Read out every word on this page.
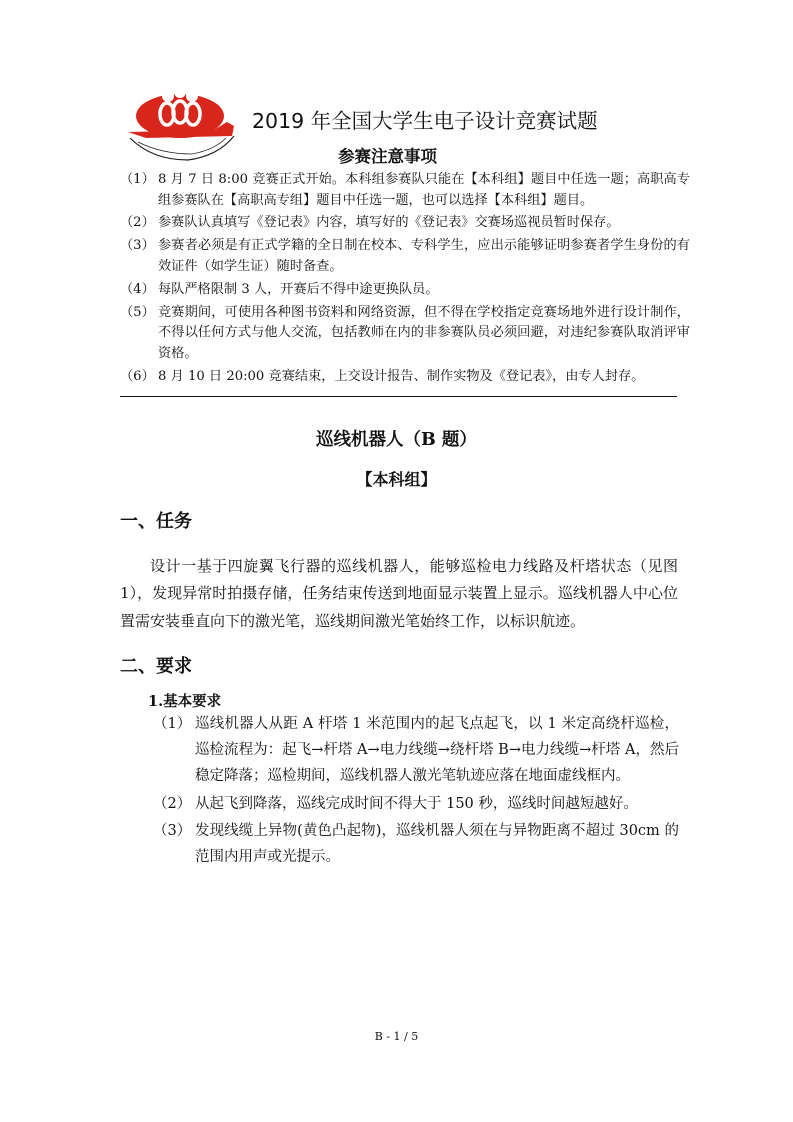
2019 年全国大学生电子设计竞赛试题
参赛注意事项
（1） 8 月 7 日 8:00 竞赛正式开始。本科组参赛队只能在【本科组】题目中任选一题；高职高专组参赛队在【高职高专组】题目中任选一题，也可以选择【本科组】题目。
（2） 参赛队认真填写《登记表》内容，填写好的《登记表》交赛场巡视员暂时保存。
（3） 参赛者必须是有正式学籍的全日制在校本、专科学生，应出示能够证明参赛者学生身份的有效证件（如学生证）随时备查。
（4） 每队严格限制 3 人，开赛后不得中途更换队员。
（5） 竞赛期间，可使用各种图书资料和网络资源，但不得在学校指定竞赛场地外进行设计制作，不得以任何方式与他人交流，包括教师在内的非参赛队员必须回避，对违纪参赛队取消评审资格。
（6） 8 月 10 日 20:00 竞赛结束，上交设计报告、制作实物及《登记表》，由专人封存。
巡线机器人（B 题）
【本科组】
一、任务

设计一基于四旋翼飞行器的巡线机器人，能够巡检电力线路及杆塔状态（见图 1），发现异常时拍摄存储，任务结束传送到地面显示装置上显示。巡线机器人中心位置需安装垂直向下的激光笔，巡线期间激光笔始终工作，以标识航迹。

二、要求
1.基本要求
（1） 巡线机器人从距 A 杆塔 1 米范围内的起飞点起飞，以 1 米定高绕杆巡检，巡检流程为：起飞→杆塔 A→电力线缆→绕杆塔 B→电力线缆→杆塔 A，然后稳定降落；巡检期间，巡线机器人激光笔轨迹应落在地面虚线框内。
（2） 从起飞到降落，巡线完成时间不得大于 150 秒，巡线时间越短越好。
（3） 发现线缆上异物(黄色凸起物)，巡线机器人须在与异物距离不超过 30cm 的范围内用声或光提示。
B - 1 / 5
